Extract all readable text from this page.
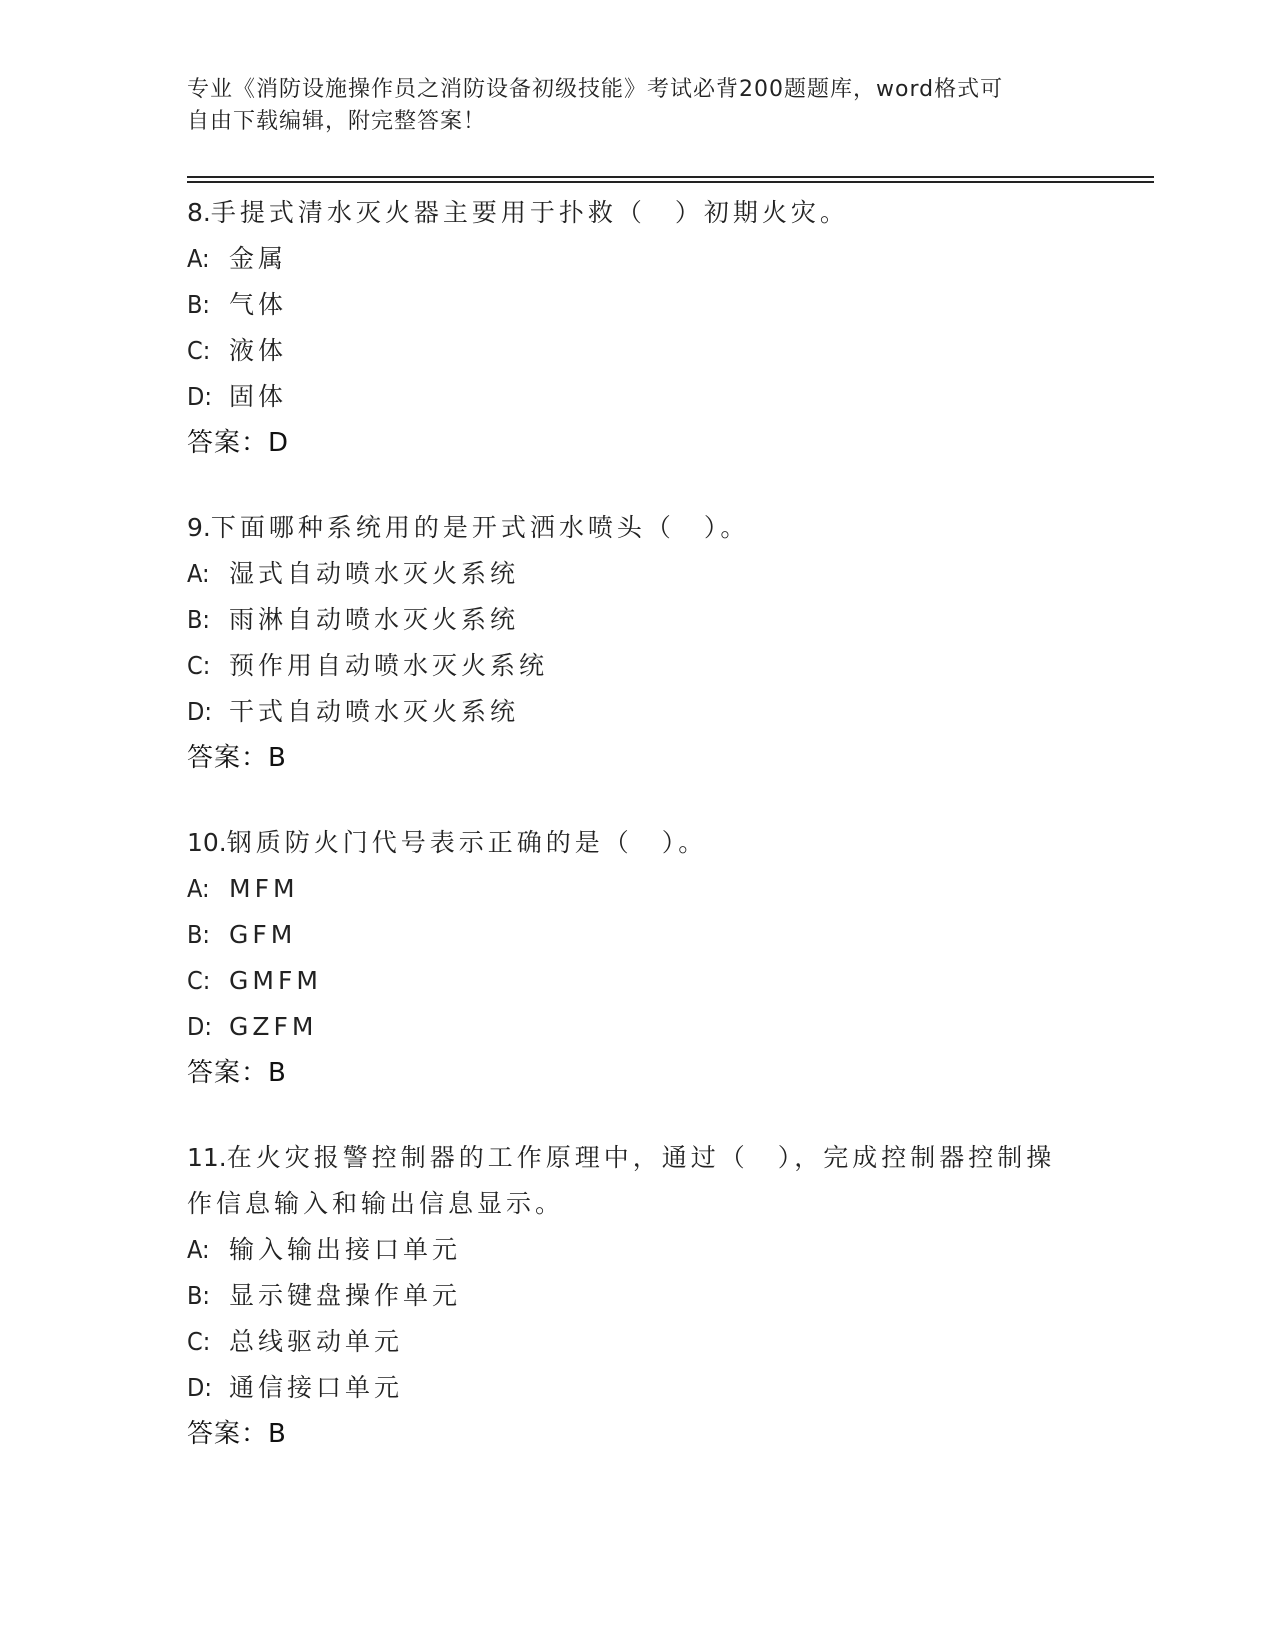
专业《消防设施操作员之消防设备初级技能》考试必背200题题库，word格式可
自由下载编辑，附完整答案！
8.手提式清水灭火器主要用于扑救（　）初期火灾。
A: 金属
B: 气体
C: 液体
D: 固体
答案：D
9.下面哪种系统用的是开式洒水喷头（　）。
A: 湿式自动喷水灭火系统
B: 雨淋自动喷水灭火系统
C: 预作用自动喷水灭火系统
D: 干式自动喷水灭火系统
答案：B
10.钢质防火门代号表示正确的是（　）。
A: MFM
B: GFM
C: GMFM
D: GZFM
答案：B
11.在火灾报警控制器的工作原理中，通过（　），完成控制器控制操
作信息输入和输出信息显示。
A: 输入输出接口单元
B: 显示键盘操作单元
C: 总线驱动单元
D: 通信接口单元
答案：B
